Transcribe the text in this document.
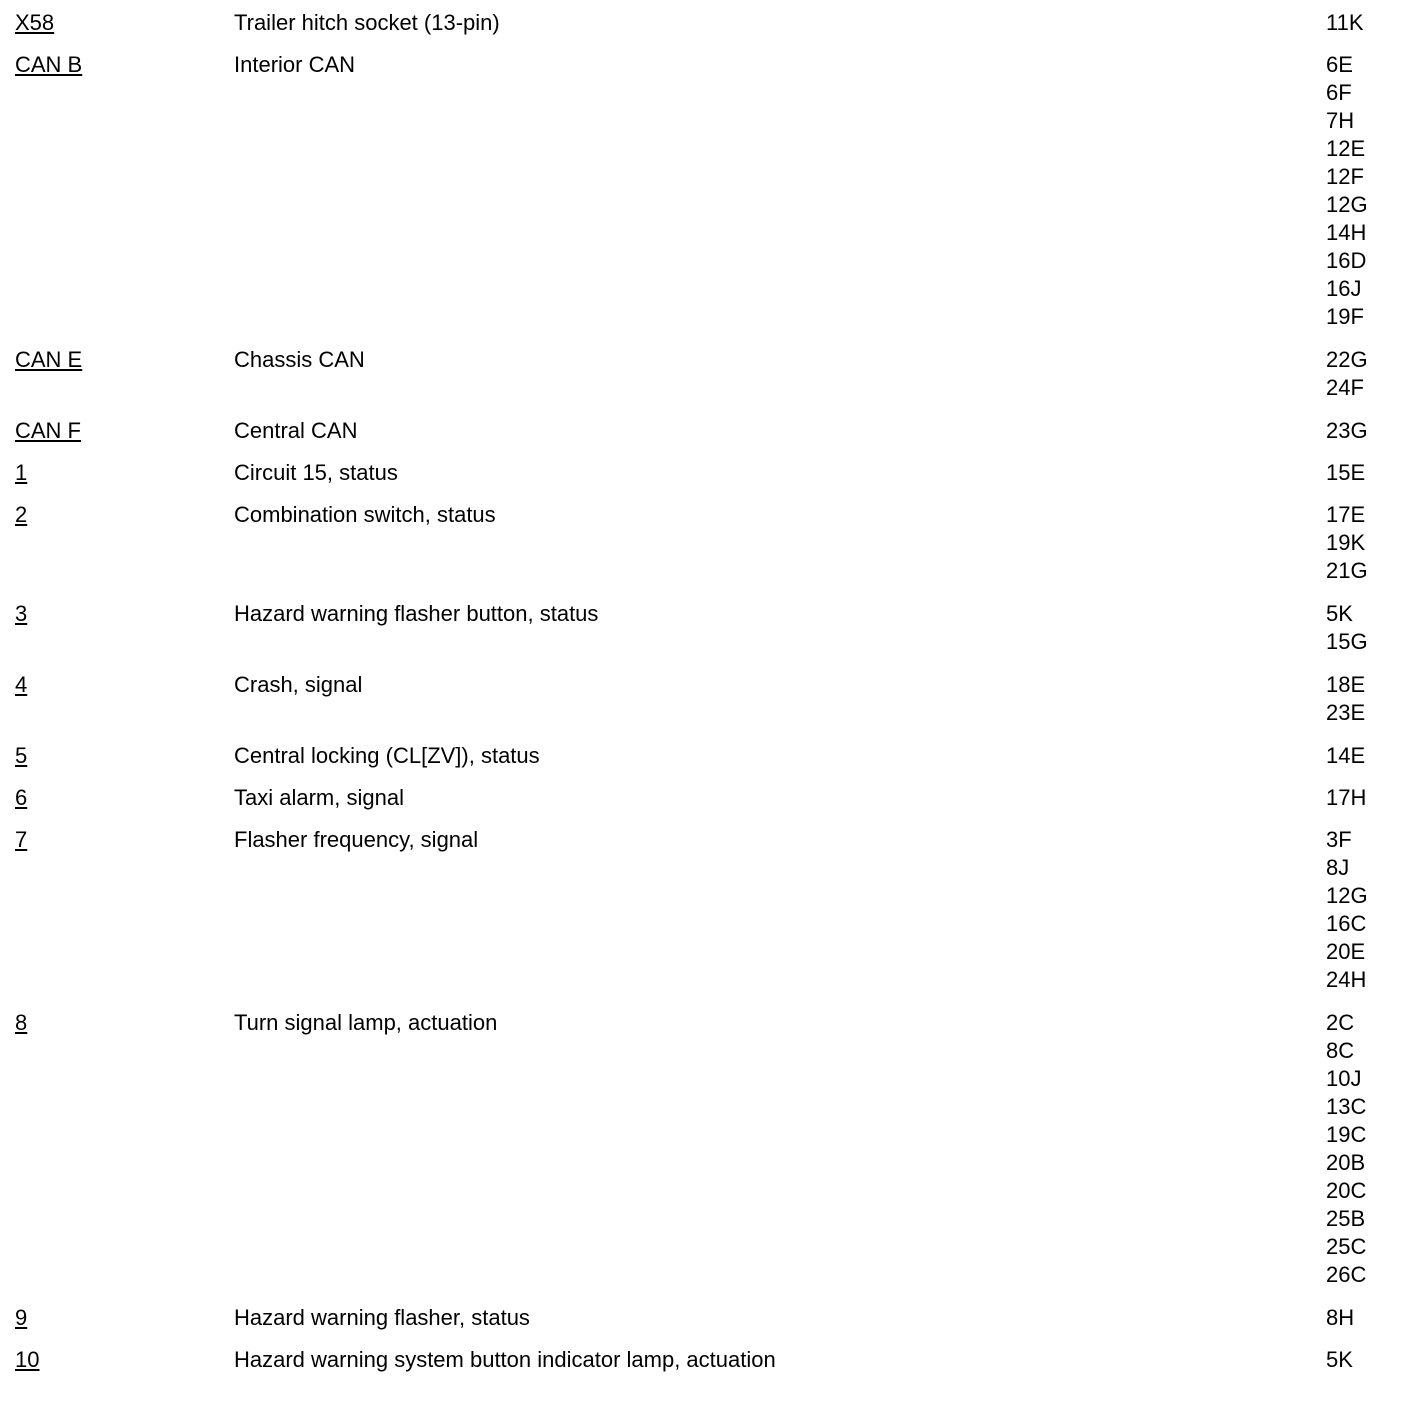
X58	Trailer hitch socket (13-pin)	11K
CAN B	Interior CAN	6E
6F
7H
12E
12F
12G
14H
16D
16J
19F
CAN E	Chassis CAN	22G
24F
CAN F	Central CAN	23G
1	Circuit 15, status	15E
2	Combination switch, status	17E
19K
21G
3	Hazard warning flasher button, status	5K
15G
4	Crash, signal	18E
23E
5	Central locking (CL[ZV]), status	14E
6	Taxi alarm, signal	17H
7	Flasher frequency, signal	3F
8J
12G
16C
20E
24H
8	Turn signal lamp, actuation	2C
8C
10J
13C
19C
20B
20C
25B
25C
26C
9	Hazard warning flasher, status	8H
10	Hazard warning system button indicator lamp, actuation	5K
